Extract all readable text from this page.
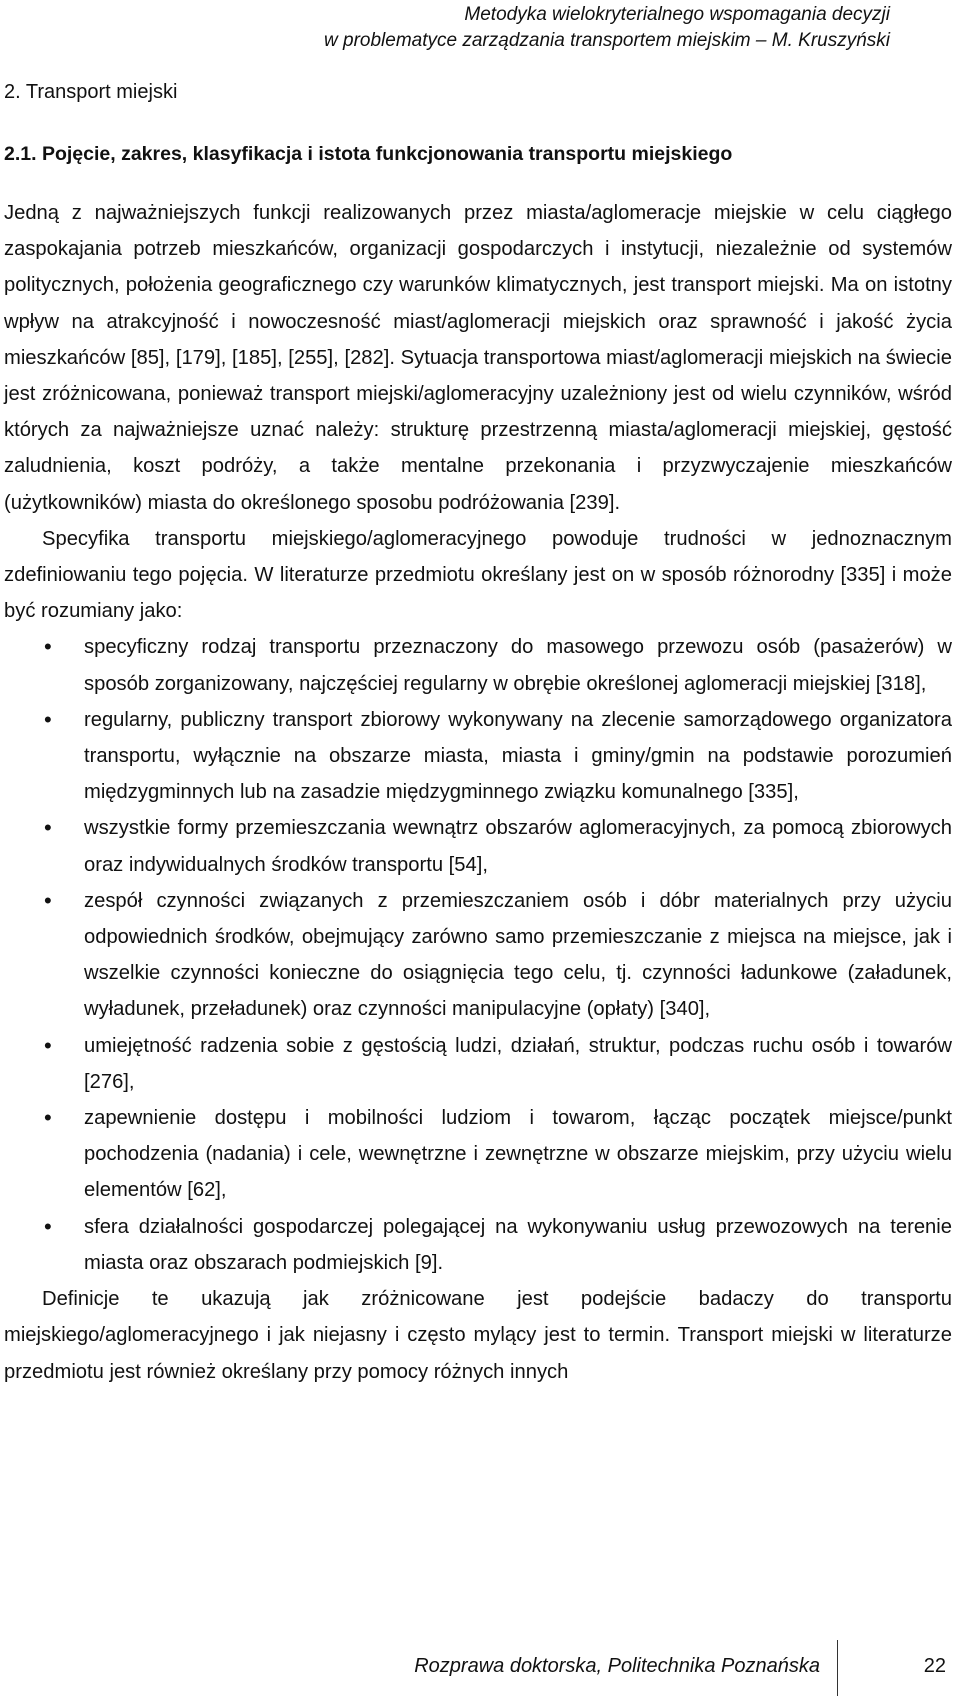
Metodyka wielokryterialnego wspomagania decyzji
w problematyce zarządzania transportem miejskim – M. Kruszyński
2. Transport miejski
2.1. Pojęcie, zakres, klasyfikacja i istota funkcjonowania transportu miejskiego

Jedną z najważniejszych funkcji realizowanych przez miasta/aglomeracje miejskie w celu ciągłego zaspokajania potrzeb mieszkańców, organizacji gospodarczych i instytucji, niezależnie od systemów politycznych, położenia geograficznego czy warunków klimatycznych, jest transport miejski. Ma on istotny wpływ na atrakcyjność i nowoczesność miast/aglomeracji miejskich oraz sprawność i jakość życia mieszkańców [85], [179], [185], [255], [282]. Sytuacja transportowa miast/aglomeracji miejskich na świecie jest zróżnicowana, ponieważ transport miejski/aglomeracyjny uzależniony jest od wielu czynników, wśród których za najważniejsze uznać należy: strukturę przestrzenną miasta/aglomeracji miejskiej, gęstość zaludnienia, koszt podróży, a także mentalne przekonania i przyzwyczajenie mieszkańców (użytkowników) miasta do określonego sposobu podróżowania [239].

Specyfika transportu miejskiego/aglomeracyjnego powoduje trudności w jednoznacznym zdefiniowaniu tego pojęcia. W literaturze przedmiotu określany jest on w sposób różnorodny [335] i może być rozumiany jako:

• specyficzny rodzaj transportu przeznaczony do masowego przewozu osób (pasażerów) w sposób zorganizowany, najczęściej regularny w obrębie określonej aglomeracji miejskiej [318],
• regularny, publiczny transport zbiorowy wykonywany na zlecenie samorządowego organizatora transportu, wyłącznie na obszarze miasta, miasta i gminy/gmin na podstawie porozumień międzygminnych lub na zasadzie międzygminnego związku komunalnego [335],
• wszystkie formy przemieszczania wewnątrz obszarów aglomeracyjnych, za pomocą zbiorowych oraz indywidualnych środków transportu [54],
• zespół czynności związanych z przemieszczaniem osób i dóbr materialnych przy użyciu odpowiednich środków, obejmujący zarówno samo przemieszczanie z miejsca na miejsce, jak i wszelkie czynności konieczne do osiągnięcia tego celu, tj. czynności ładunkowe (załadunek, wyładunek, przeładunek) oraz czynności manipulacyjne (opłaty) [340],
• umiejętność radzenia sobie z gęstością ludzi, działań, struktur, podczas ruchu osób i towarów [276],
• zapewnienie dostępu i mobilności ludziom i towarom, łącząc początek miejsce/punkt pochodzenia (nadania) i cele, wewnętrzne i zewnętrzne w obszarze miejskim, przy użyciu wielu elementów [62],
• sfera działalności gospodarczej polegającej na wykonywaniu usług przewozowych na terenie miasta oraz obszarach podmiejskich [9].

Definicje te ukazują jak zróżnicowane jest podejście badaczy do transportu miejskiego/aglomeracyjnego i jak niejasny i często mylący jest to termin. Transport miejski w literaturze przedmiotu jest również określany przy pomocy różnych innych

Rozprawa doktorska, Politechnika Poznańska	22
